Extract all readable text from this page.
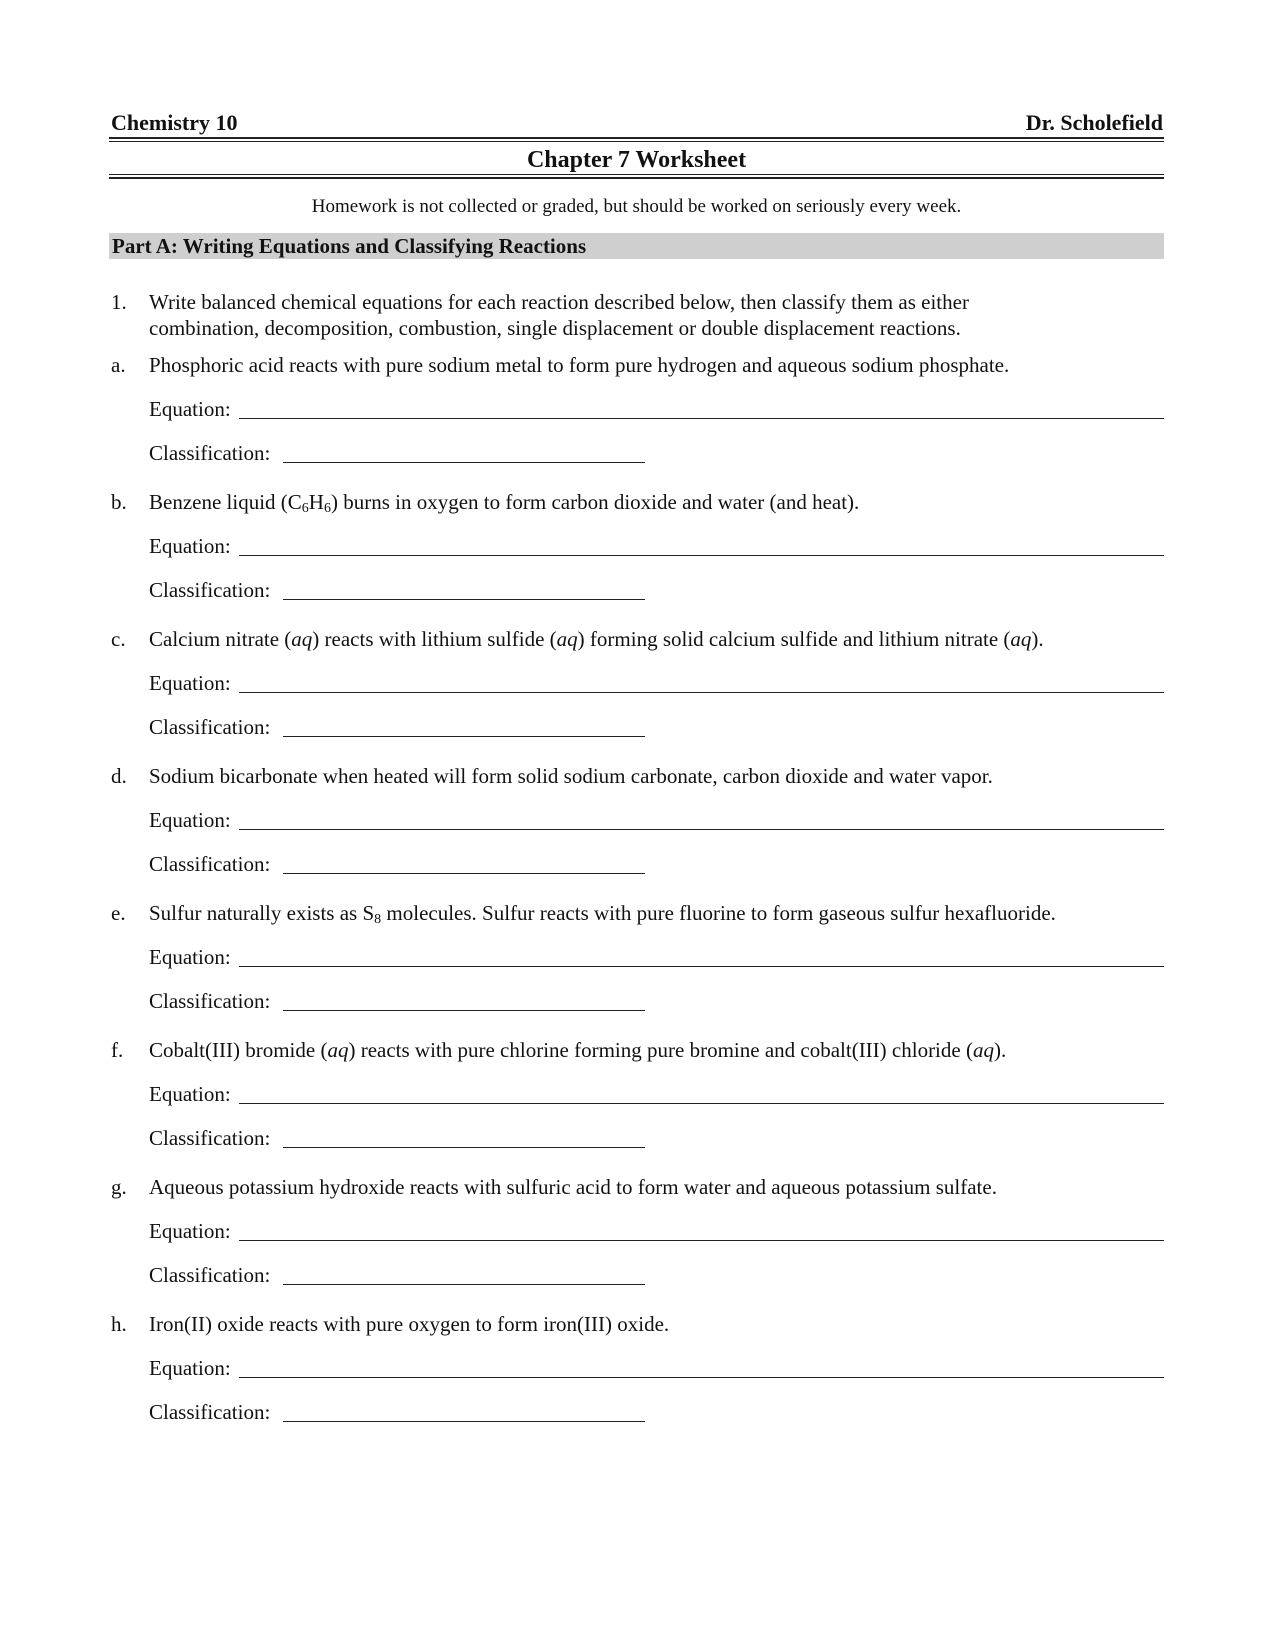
Chemistry 10	Dr. Scholefield
Chapter 7 Worksheet
Homework is not collected or graded, but should be worked on seriously every week.
Part A: Writing Equations and Classifying Reactions
1. Write balanced chemical equations for each reaction described below, then classify them as either combination, decomposition, combustion, single displacement or double displacement reactions.
a. Phosphoric acid reacts with pure sodium metal to form pure hydrogen and aqueous sodium phosphate.
Equation:
Classification:
b. Benzene liquid $(C_6H_6)$ burns in oxygen to form carbon dioxide and water (and heat).
Equation:
Classification:
c. Calcium nitrate (aq) reacts with lithium sulfide (aq) forming solid calcium sulfide and lithium nitrate (aq).
Equation:
Classification:
d. Sodium bicarbonate when heated will form solid sodium carbonate, carbon dioxide and water vapor.
Equation:
Classification:
e. Sulfur naturally exists as $S_8$ molecules. Sulfur reacts with pure fluorine to form gaseous sulfur hexafluoride.
Equation:
Classification:
f. Cobalt(III) bromide (aq) reacts with pure chlorine forming pure bromine and cobalt(III) chloride (aq).
Equation:
Classification:
g. Aqueous potassium hydroxide reacts with sulfuric acid to form water and aqueous potassium sulfate.
Equation:
Classification:
h. Iron(II) oxide reacts with pure oxygen to form iron(III) oxide.
Equation:
Classification:
